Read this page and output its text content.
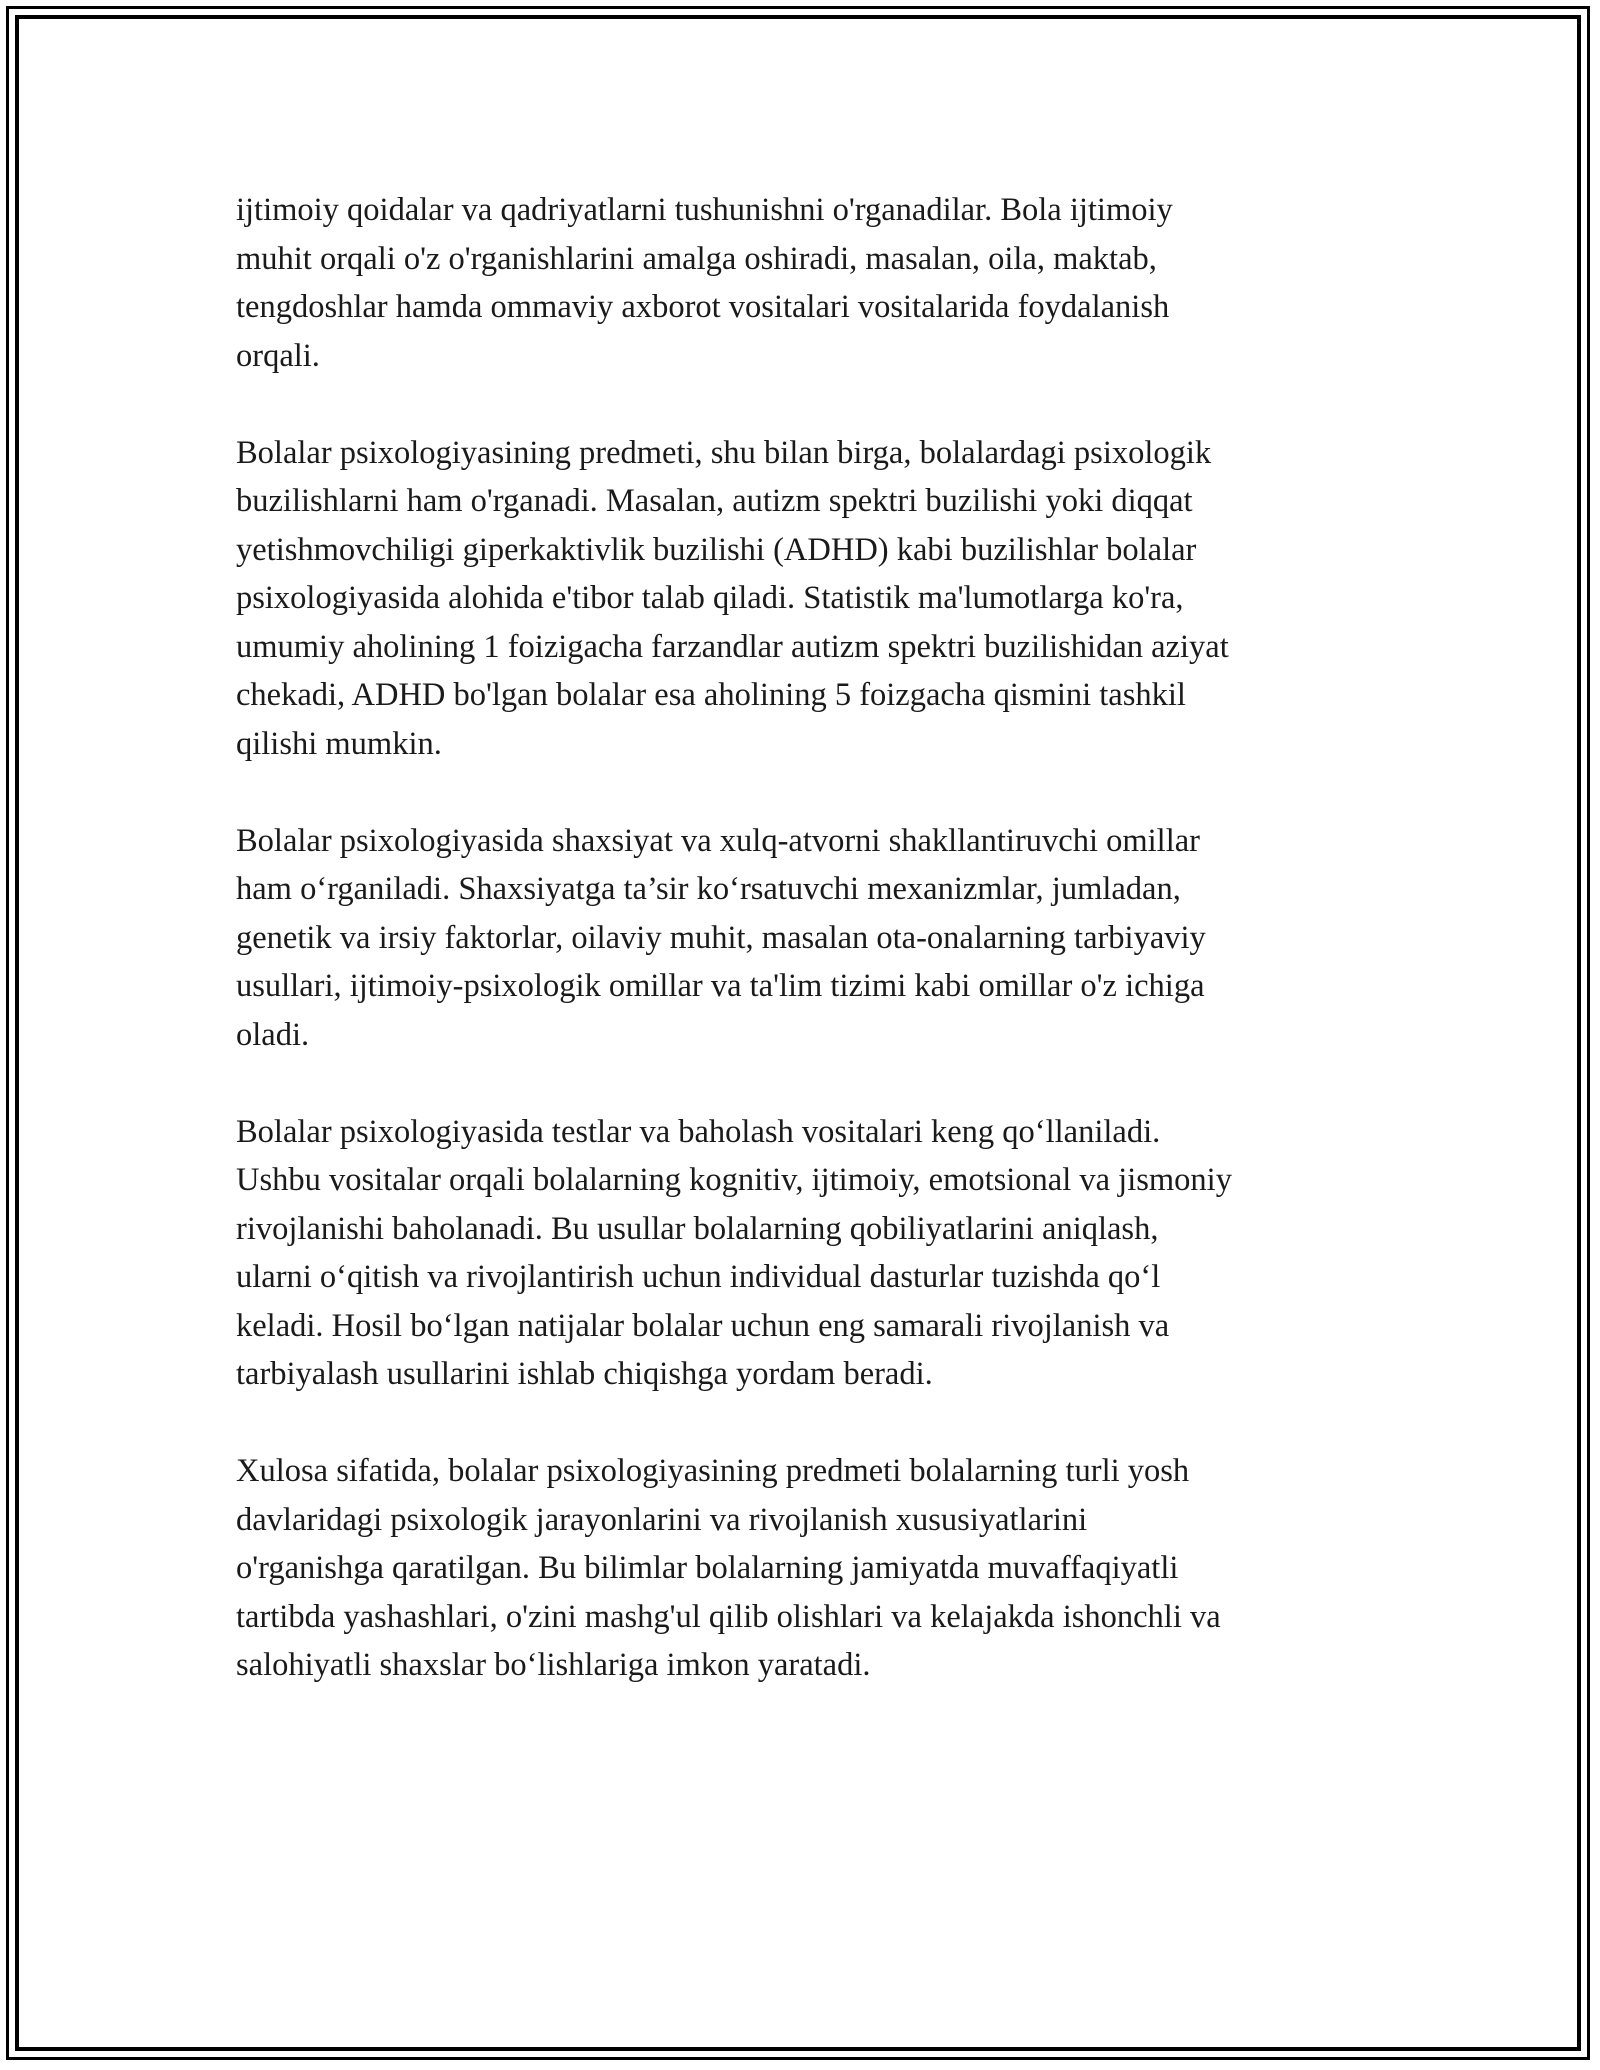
ijtimoiy qoidalar va qadriyatlarni tushunishni o'rganadilar. Bola ijtimoiy
muhit orqali o'z o'rganishlarini amalga oshiradi, masalan, oila, maktab,
tengdoshlar hamda ommaviy axborot vositalari vositalarida foydalanish
orqali.

Bolalar psixologiyasining predmeti, shu bilan birga, bolalardagi psixologik
buzilishlarni ham o'rganadi. Masalan, autizm spektri buzilishi yoki diqqat
yetishmovchiligi giperkaktivlik buzilishi (ADHD) kabi buzilishlar bolalar
psixologiyasida alohida e'tibor talab qiladi. Statistik ma'lumotlarga ko'ra,
umumiy aholining 1 foizigacha farzandlar autizm spektri buzilishidan aziyat
chekadi, ADHD bo'lgan bolalar esa aholining 5 foizgacha qismini tashkil
qilishi mumkin.

Bolalar psixologiyasida shaxsiyat va xulq-atvorni shakllantiruvchi omillar
ham o‘rganiladi. Shaxsiyatga ta’sir ko‘rsatuvchi mexanizmlar, jumladan,
genetik va irsiy faktorlar, oilaviy muhit, masalan ota-onalarning tarbiyaviy
usullari, ijtimoiy-psixologik omillar va ta'lim tizimi kabi omillar o'z ichiga
oladi.

Bolalar psixologiyasida testlar va baholash vositalari keng qo‘llaniladi.
Ushbu vositalar orqali bolalarning kognitiv, ijtimoiy, emotsional va jismoniy
rivojlanishi baholanadi. Bu usullar bolalarning qobiliyatlarini aniqlash,
ularni o‘qitish va rivojlantirish uchun individual dasturlar tuzishda qo‘l
keladi. Hosil bo‘lgan natijalar bolalar uchun eng samarali rivojlanish va
tarbiyalash usullarini ishlab chiqishga yordam beradi.

Xulosa sifatida, bolalar psixologiyasining predmeti bolalarning turli yosh
davlaridagi psixologik jarayonlarini va rivojlanish xususiyatlarini
o'rganishga qaratilgan. Bu bilimlar bolalarning jamiyatda muvaffaqiyatli
tartibda yashashlari, o'zini mashg'ul qilib olishlari va kelajakda ishonchli va
salohiyatli shaxslar bo‘lishlariga imkon yaratadi.
